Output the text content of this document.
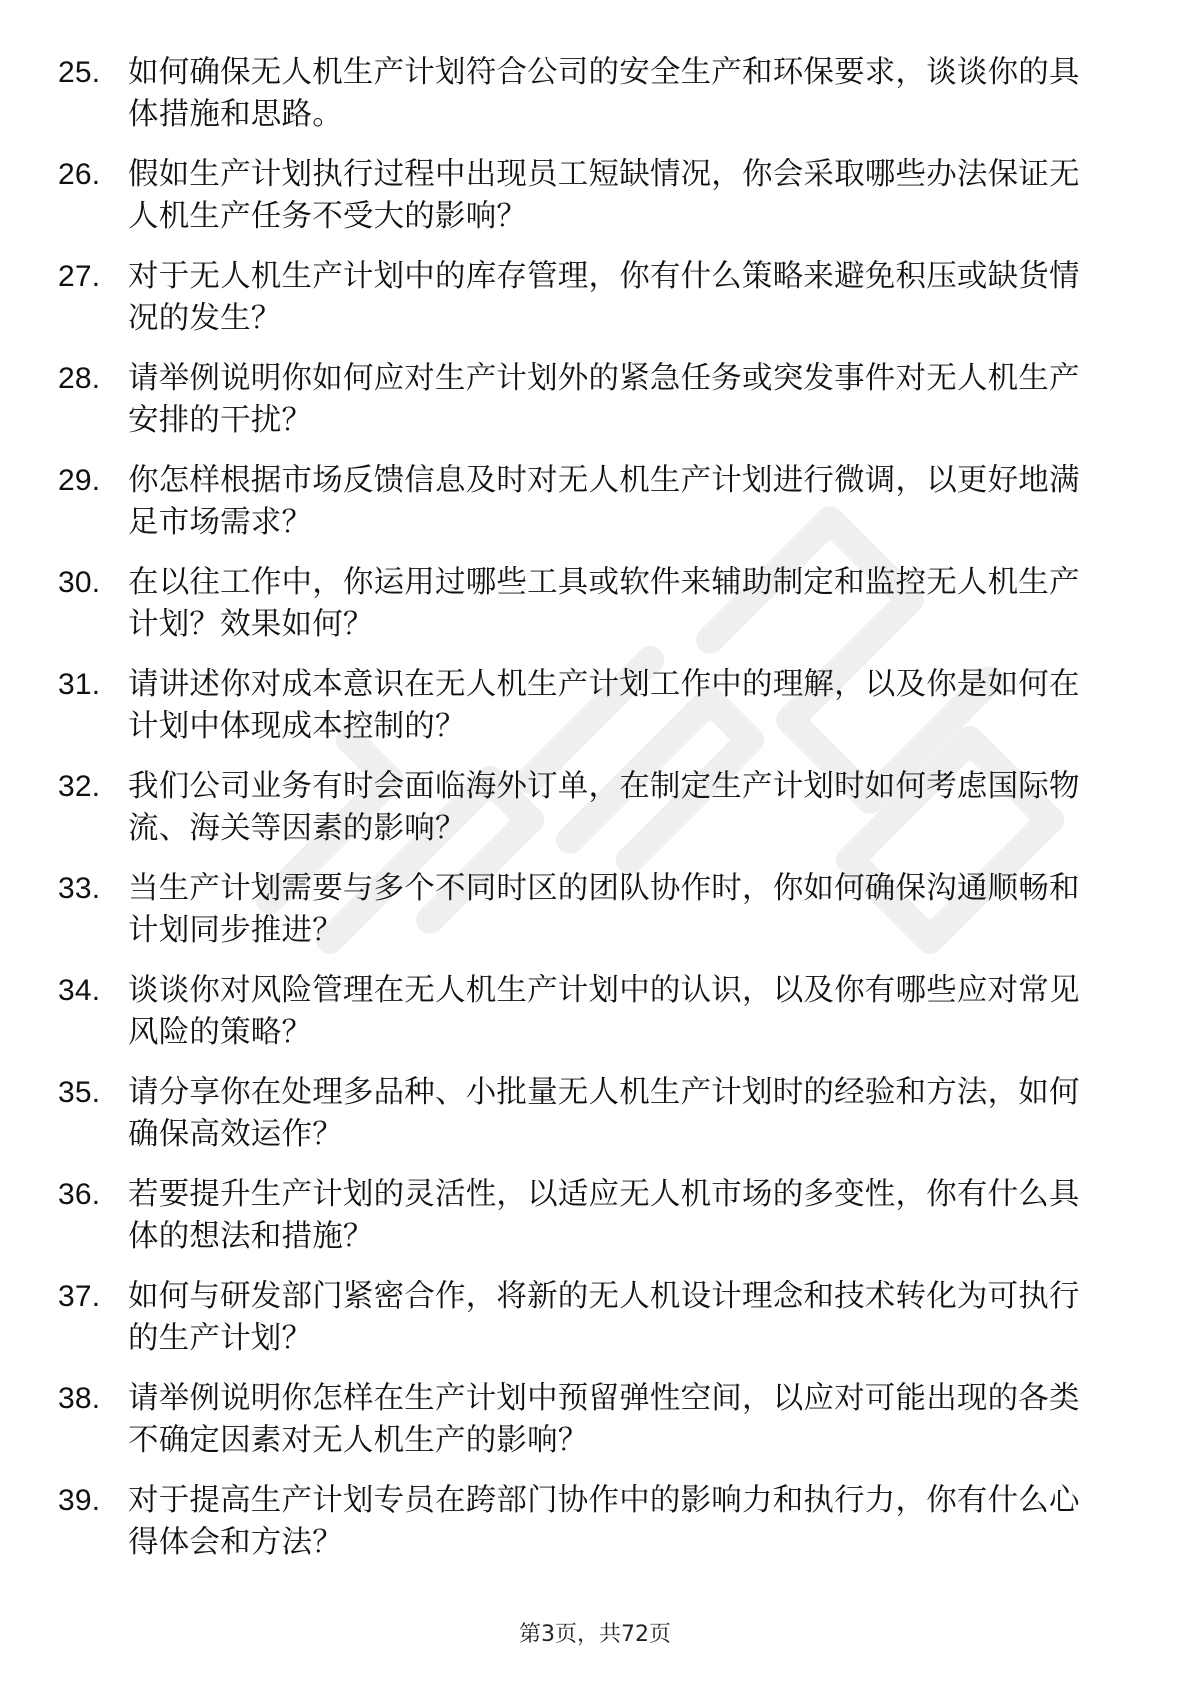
25. 如何确保无人机生产计划符合公司的安全生产和环保要求，谈谈你的具体措施和思路。
26. 假如生产计划执行过程中出现员工短缺情况，你会采取哪些办法保证无人机生产任务不受大的影响？
27. 对于无人机生产计划中的库存管理，你有什么策略来避免积压或缺货情况的发生？
28. 请举例说明你如何应对生产计划外的紧急任务或突发事件对无人机生产安排的干扰？
29. 你怎样根据市场反馈信息及时对无人机生产计划进行微调，以更好地满足市场需求？
30. 在以往工作中，你运用过哪些工具或软件来辅助制定和监控无人机生产计划？效果如何？
31. 请讲述你对成本意识在无人机生产计划工作中的理解，以及你是如何在计划中体现成本控制的？
32. 我们公司业务有时会面临海外订单，在制定生产计划时如何考虑国际物流、海关等因素的影响？
33. 当生产计划需要与多个不同时区的团队协作时，你如何确保沟通顺畅和计划同步推进？
34. 谈谈你对风险管理在无人机生产计划中的认识，以及你有哪些应对常见风险的策略？
35. 请分享你在处理多品种、小批量无人机生产计划时的经验和方法，如何确保高效运作？
36. 若要提升生产计划的灵活性，以适应无人机市场的多变性，你有什么具体的想法和措施？
37. 如何与研发部门紧密合作，将新的无人机设计理念和技术转化为可执行的生产计划？
38. 请举例说明你怎样在生产计划中预留弹性空间，以应对可能出现的各类不确定因素对无人机生产的影响？
39. 对于提高生产计划专员在跨部门协作中的影响力和执行力，你有什么心得体会和方法？
第3页，共72页
